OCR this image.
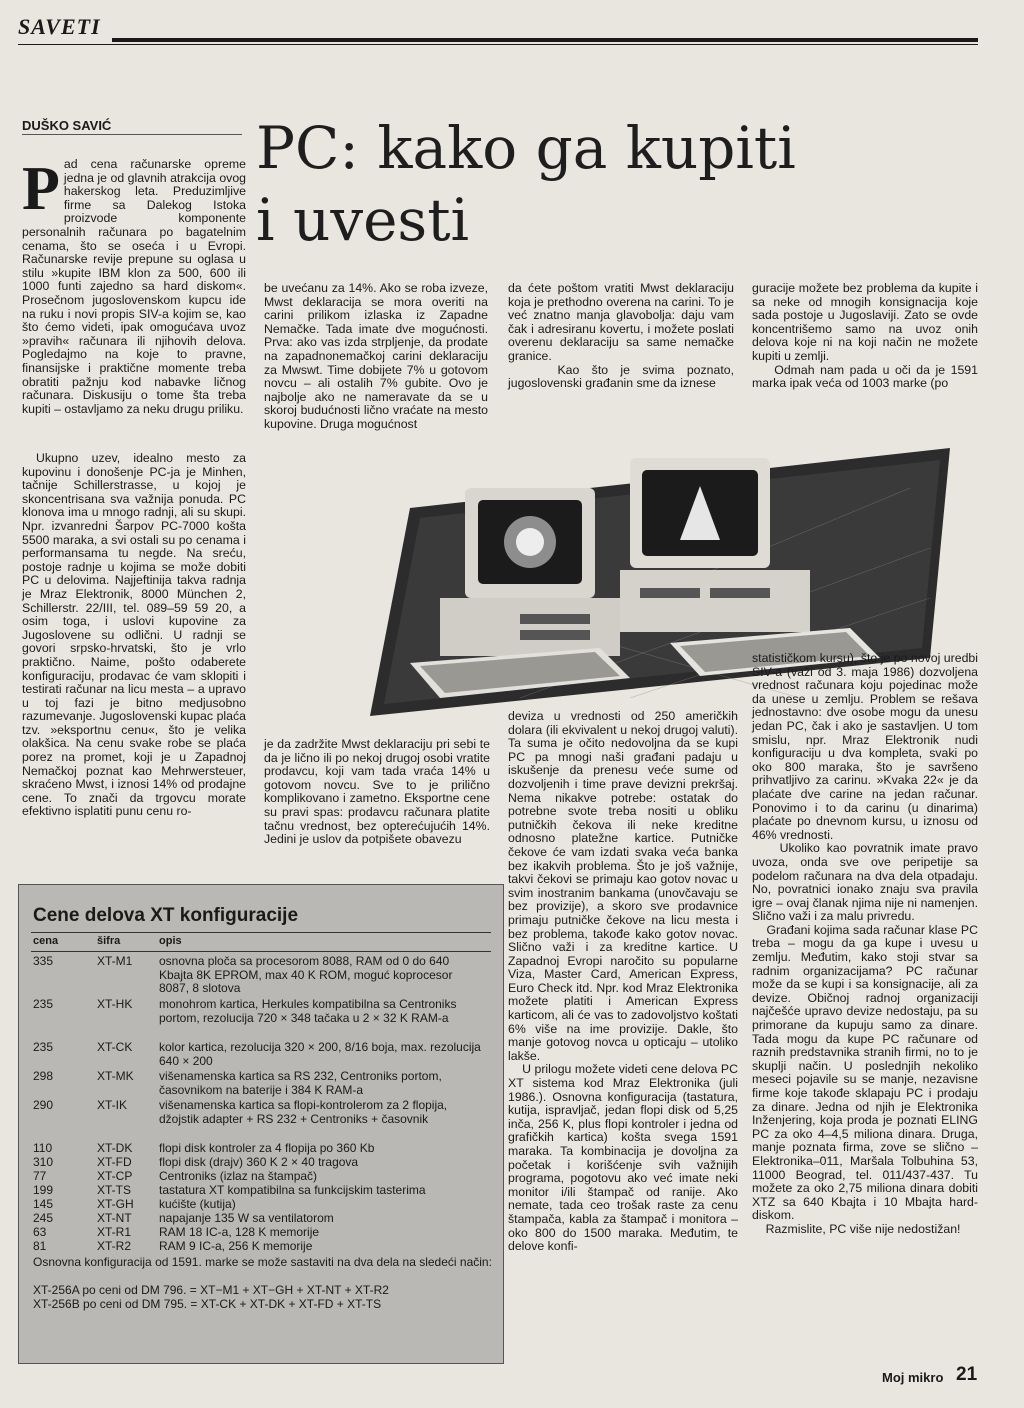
SAVETI
DUŠKO SAVIĆ PC: kako ga kupiti
i uvesti
Pad cena računarske opreme jedna je od glavnih atrakcija ovog hakerskog leta. Preduzimljive firme sa Dalekog Istoka proizvode komponente personalnih računara po bagatelnim cenama, što se oseća i u Evropi. Računarske revije prepune su oglasa u stilu »kupite IBM klon za 500, 600 ili 1000 funti zajedno sa hard diskom«. Prosečnom jugoslovenskom kupcu ide na ruku i novi propis SIV-a kojim se, kao što ćemo videti, ipak omogućava uvoz »pravih« računara ili njihovih delova. Pogledajmo na koje to pravne, finansijske i praktične momente treba obratiti pažnju kod nabavke ličnog računara. Diskusiju o tome šta treba kupiti – ostavljamo za neku drugu priliku.
Ukupno uzev, idealno mesto za kupovinu i donošenje PC-ja je Minhen, tačnije Schillerstrasse, u kojoj je skoncentrisana sva važnija ponuda. PC klonova ima u mnogo radnji, ali su skupi. Npr. izvanredni Šarpov PC-7000 košta 5500 maraka, a svi ostali su po cenama i performansama tu negde. Na sreću, postoje radnje u kojima se može dobiti PC u delovima. Najjeftinija takva radnja je Mraz Elektronik, 8000 München 2, Schillerstr. 22/III, tel. 089–59 59 20, a osim toga, i uslovi kupovine za Jugoslovene su odlični. U radnji se govori srpsko-hrvatski, što je vrlo praktično. Naime, pošto odaberete konfiguraciju, prodavac će vam sklopiti i testirati računar na licu mesta – a upravo u toj fazi je bitno medjusobno razumevanje. Jugoslovenski kupac plaća tzv. »eksportnu cenu«, što je velika olakšica. Na cenu svake robe se plaća porez na promet, koji je u Zapadnoj Nemačkoj poznat kao Mehrwersteuer, skraćeno Mwst, i iznosi 14% od prodajne cene. To znači da trgovcu morate efektivno isplatiti punu cenu ro-
be uvećanu za 14%. Ako se roba izveze, Mwst deklaracija se mora overiti na carini prilikom izlaska iz Zapadne Nemačke. Tada imate dve mogućnosti. Prva: ako vas izda strpljenje, da prodate na zapadnonemačkoj carini deklaraciju za Mwswt. Time dobijete 7% u gotovom novcu – ali ostalih 7% gubite. Ovo je najbolje ako ne nameravate da se u skoroj budućnosti lično vraćate na mesto kupovine. Druga mogućnost
da ćete poštom vratiti Mwst deklaraciju koja je prethodno overena na carini. To je već znatno manja glavobolja: daju vam čak i adresiranu kovertu, i možete poslati overenu deklaraciju sa same nemačke granice.
Kao što je svima poznato, jugoslovenski građanin sme da iznese
guracije možete bez problema da kupite i sa neke od mnogih konsignacija koje sada postoje u Jugoslaviji. Zato se ovde koncentrišemo samo na uvoz onih delova koje ni na koji način ne možete kupiti u zemlji.
Odmah nam pada u oči da je 1591 marka ipak veća od 1003 marke (po
je da zadržite Mwst deklaraciju pri sebi te da je lično ili po nekoj drugoj osobi vratite prodavcu, koji vam tada vraća 14% u gotovom novcu. Sve to je prilično komplikovano i zametno. Eksportne cene su pravi spas: prodavcu računara platite tačnu vrednost, bez opterećujućih 14%. Jedini je uslov da potpišete obavezu
deviza u vrednosti od 250 američkih dolara (ili ekvivalent u nekoj drugoj valuti). Ta suma je očito nedovoljna da se kupi PC pa mnogi naši građani padaju u iskušenje da prenesu veće sume od dozvoljenih i time prave devizni prekršaj. Nema nikakve potrebe: ostatak do potrebne svote treba nositi u obliku putničkih čekova ili neke kreditne odnosno platežne kartice. Putničke čekove će vam izdati svaka veća banka bez ikakvih problema. Što je još važnije, takvi čekovi se primaju kao gotov novac u svim inostranim bankama (unovčavaju se bez provizije), a skoro sve prodavnice primaju putničke čekove na licu mesta i bez problema, takođe kako gotov novac. Slično važi i za kreditne kartice. U Zapadnoj Evropi naročito su popularne Viza, Master Card, American Express, Euro Check itd. Npr. kod Mraz Elektronika možete platiti i American Express karticom, ali će vas to zadovoljstvo koštati 6% više na ime provizije. Dakle, što manje gotovog novca u opticaju – utoliko lakše.
U prilogu možete videti cene delova PC XT sistema kod Mraz Elektronika (juli 1986.). Osnovna konfiguracija (tastatura, kutija, ispravljač, jedan flopi disk od 5,25 inča, 256 K, plus flopi kontroler i jedna od grafičkih kartica) košta svega 1591 maraka. Ta kombinacija je dovoljna za početak i korišćenje svih važnijih programa, pogotovu ako već imate neki monitor i/ili štampač od ranije. Ako nemate, tada ceo trošak raste za cenu štampača, kabla za štampač i monitora – oko 800 do 1500 maraka. Međutim, te delove konfi-
statističkom kursu), što je po novoj uredbi SIV-a (važi od 3. maja 1986) dozvoljena vrednost računara koju pojedinac može da unese u zemlju. Problem se rešava jednostavno: dve osobe mogu da unesu jedan PC, čak i ako je sastavljen. U tom smislu, npr. Mraz Elektronik nudi konfiguraciju u dva kompleta, svaki po oko 800 maraka, što je savršeno prihvatljivo za carinu. »Kvaka 22« je da plaćate dve carine na jedan računar. Ponovimo i to da carinu (u dinarima) plaćate po dnevnom kursu, u iznosu od 46% vrednosti.
Ukoliko kao povratnik imate pravo uvoza, onda sve ove peripetije sa podelom računara na dva dela otpadaju. No, povratnici ionako znaju sva pravila igre – ovaj članak njima nije ni namenjen. Slično važi i za malu privredu.
Građani kojima sada računar klase PC treba – mogu da ga kupe i uvesu u zemlju. Međutim, kako stoji stvar sa radnim organizacijama? PC računar može da se kupi i sa konsignacije, ali za devize. Običnoj radnoj organizaciji najčešće upravo devize nedostaju, pa su primorane da kupuju samo za dinare. Tada mogu da kupe PC računare od raznih predstavnika stranih firmi, no to je skuplji način. U poslednjih nekoliko meseci pojavile su se manje, nezavisne firme koje takođe sklapaju PC i prodaju za dinare. Jedna od njih je Elektronika Inženjering, koja proda je poznati ELING PC za oko 4–4,5 miliona dinara. Druga, manje poznata firma, zove se slično – Elektronika–011, Maršala Tolbuhina 53, 11000 Beograd, tel. 011/437-437. Tu možete za oko 2,75 miliona dinara dobiti XTZ sa 640 Kbajta i 10 Mbajta hard-diskom.
Razmislite, PC više nije nedostižan!
Cene delova XT konfiguracije
cena	šifra	opis
335	XT-M1	osnovna ploča sa procesorom 8088, RAM od 0 do 640 Kbajta 8K EPROM, max 40 K ROM, moguć koprocesor 8087, 8 slotova
235	XT-HK	monohrom kartica, Herkules kompatibilna sa Centroniks portom, rezolucija 720 × 348 tačaka u 2 × 32 K RAM-a
235	XT-CK	kolor kartica, rezolucija 320 × 200, 8/16 boja, max. rezolucija 640 × 200
298	XT-MK	višenamenska kartica sa RS 232, Centroniks portom, časovnikom na baterije i 384 K RAM-a
290	XT-IK	višenamenska kartica sa flopi-kontrolerom za 2 flopija, džojstik adapter + RS 232 + Centroniks + časovnik
110	XT-DK	flopi disk kontroler za 4 flopija po 360 Kb
310	XT-FD	flopi disk (drajv) 360 K 2 × 40 tragova
77	XT-CP	Centroniks (izlaz na štampač)
199	XT-TS	tastatura XT kompatibilna sa funkcijskim tasterima
145	XT-GH	kućište (kutija)
245	XT-NT	napajanje 135 W sa ventilatorom
63	XT-R1	RAM 18 IC-a, 128 K memorije
81	XT-R2	RAM 9 IC-a, 256 K memorije
Osnovna konfiguracija od 1591. marke se može sastaviti na dva dela na sledeći način:
XT-256A po ceni od DM 796. = XT−M1 + XT−GH + XT-NT + XT-R2
XT-256B po ceni od DM 795. = XT-CK + XT-DK + XT-FD + XT-TS
Moj mikro 21
